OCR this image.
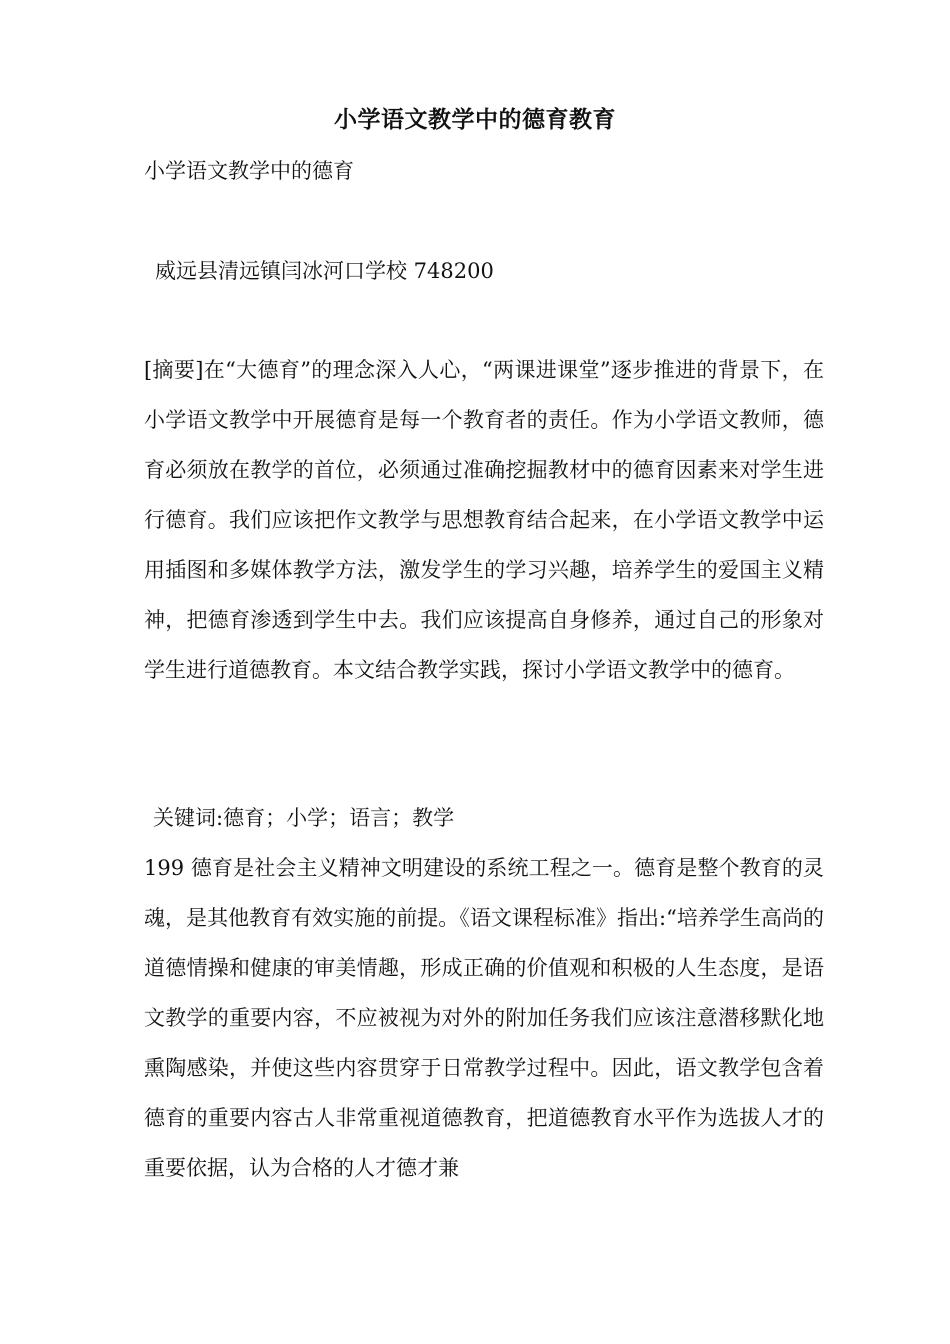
小学语文教学中的德育教育
小学语文教学中的德育
威远县清远镇闫冰河口学校 748200

[摘要]在“大德育”的理念深入人心，“两课进课堂”逐步推进的背景下，在小学语文教学中开展德育是每一个教育者的责任。作为小学语文教师，德育必须放在教学的首位，必须通过准确挖掘教材中的德育因素来对学生进行德育。我们应该把作文教学与思想教育结合起来，在小学语文教学中运用插图和多媒体教学方法，激发学生的学习兴趣，培养学生的爱国主义精神，把德育渗透到学生中去。我们应该提高自身修养，通过自己的形象对学生进行道德教育。本文结合教学实践，探讨小学语文教学中的德育。

关键词:德育；小学；语言；教学

199 德育是社会主义精神文明建设的系统工程之一。德育是整个教育的灵魂，是其他教育有效实施的前提。《语文课程标准》指出:“培养学生高尚的道德情操和健康的审美情趣，形成正确的价值观和积极的人生态度，是语文教学的重要内容，不应被视为对外的附加任务我们应该注意潜移默化地熏陶感染，并使这些内容贯穿于日常教学过程中。因此，语文教学包含着德育的重要内容古人非常重视道德教育，把道德教育水平作为选拔人才的重要依据，认为合格的人才德才兼
